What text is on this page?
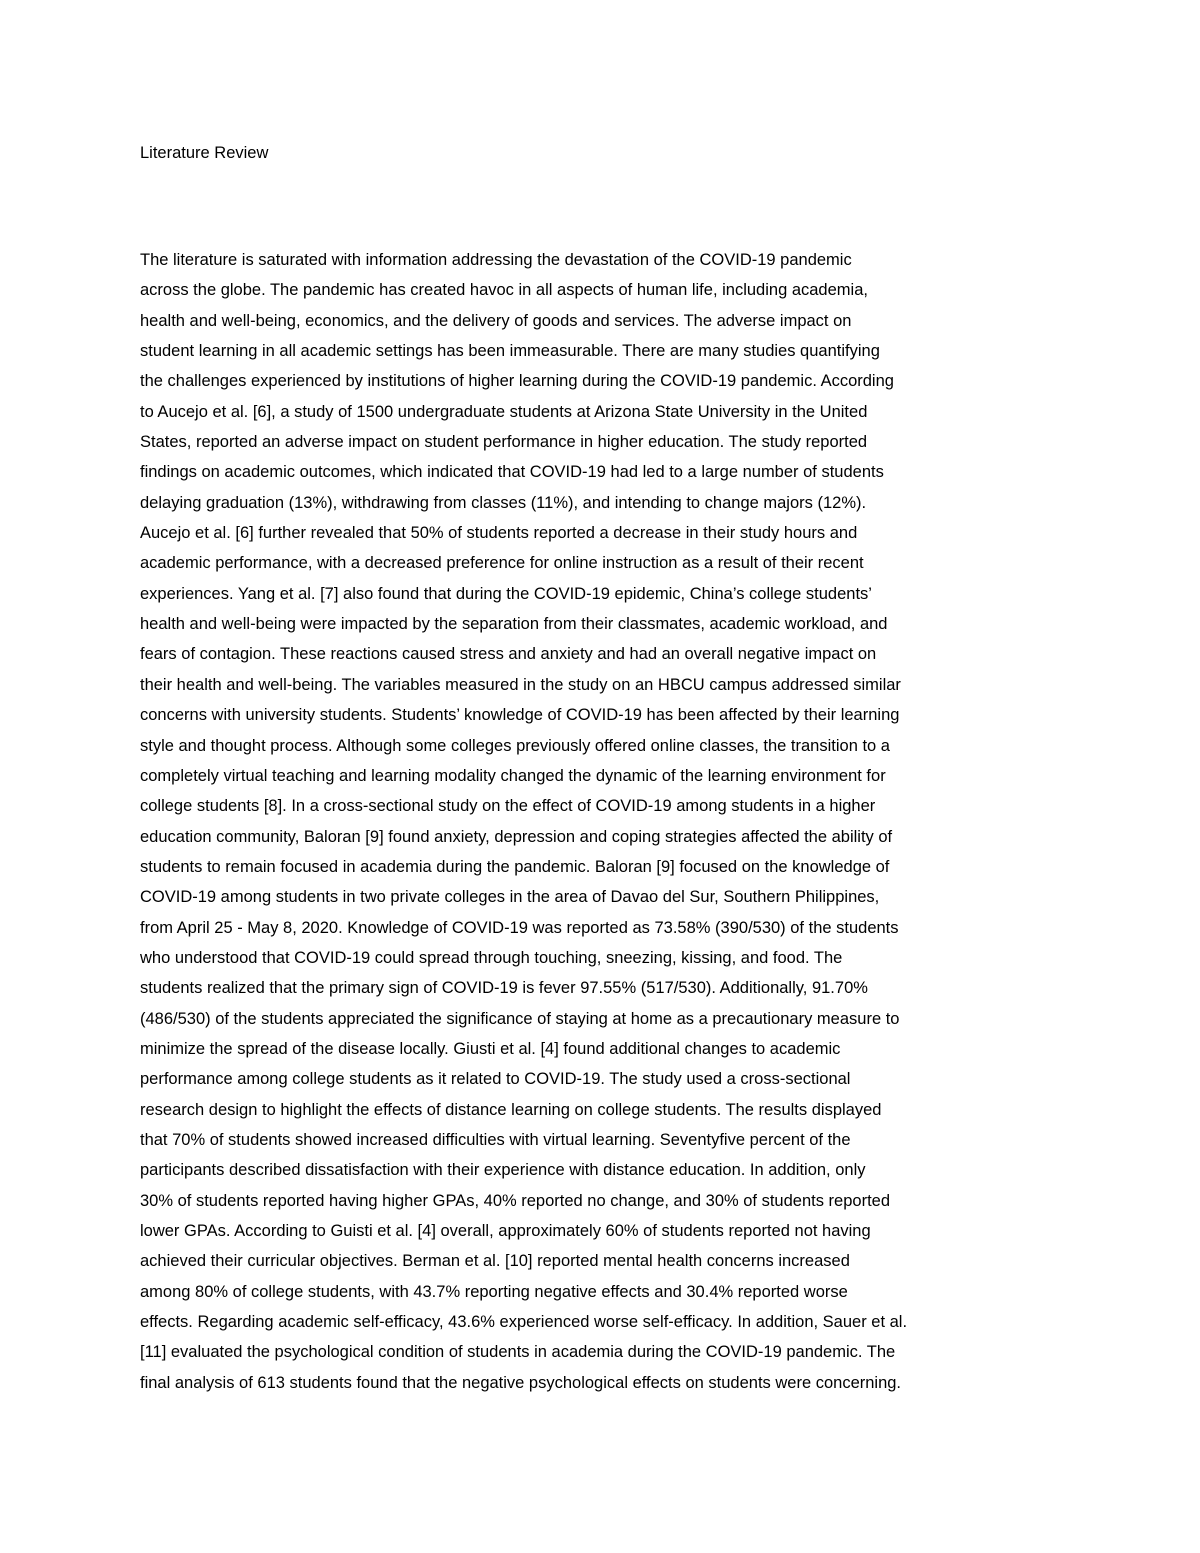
Literature Review
The literature is saturated with information addressing the devastation of the COVID-19 pandemic
across the globe. The pandemic has created havoc in all aspects of human life, including academia,
health and well-being, economics, and the delivery of goods and services. The adverse impact on
student learning in all academic settings has been immeasurable. There are many studies quantifying
the challenges experienced by institutions of higher learning during the COVID-19 pandemic. According
to Aucejo et al. [6], a study of 1500 undergraduate students at Arizona State University in the United
States, reported an adverse impact on student performance in higher education. The study reported
findings on academic outcomes, which indicated that COVID-19 had led to a large number of students
delaying graduation (13%), withdrawing from classes (11%), and intending to change majors (12%).
Aucejo et al. [6] further revealed that 50% of students reported a decrease in their study hours and
academic performance, with a decreased preference for online instruction as a result of their recent
experiences. Yang et al. [7] also found that during the COVID-19 epidemic, China’s college students’
health and well-being were impacted by the separation from their classmates, academic workload, and
fears of contagion. These reactions caused stress and anxiety and had an overall negative impact on
their health and well-being. The variables measured in the study on an HBCU campus addressed similar
concerns with university students. Students’ knowledge of COVID-19 has been affected by their learning
style and thought process. Although some colleges previously offered online classes, the transition to a
completely virtual teaching and learning modality changed the dynamic of the learning environment for
college students [8]. In a cross-sectional study on the effect of COVID-19 among students in a higher
education community, Baloran [9] found anxiety, depression and coping strategies affected the ability of
students to remain focused in academia during the pandemic. Baloran [9] focused on the knowledge of
COVID-19 among students in two private colleges in the area of Davao del Sur, Southern Philippines,
from April 25 - May 8, 2020. Knowledge of COVID-19 was reported as 73.58% (390/530) of the students
who understood that COVID-19 could spread through touching, sneezing, kissing, and food. The
students realized that the primary sign of COVID-19 is fever 97.55% (517/530). Additionally, 91.70%
(486/530) of the students appreciated the significance of staying at home as a precautionary measure to
minimize the spread of the disease locally. Giusti et al. [4] found additional changes to academic
performance among college students as it related to COVID-19. The study used a cross-sectional
research design to highlight the effects of distance learning on college students. The results displayed
that 70% of students showed increased difficulties with virtual learning. Seventyfive percent of the
participants described dissatisfaction with their experience with distance education. In addition, only
30% of students reported having higher GPAs, 40% reported no change, and 30% of students reported
lower GPAs. According to Guisti et al. [4] overall, approximately 60% of students reported not having
achieved their curricular objectives. Berman et al. [10] reported mental health concerns increased
among 80% of college students, with 43.7% reporting negative effects and 30.4% reported worse
effects. Regarding academic self-efficacy, 43.6% experienced worse self-efficacy. In addition, Sauer et al.
[11] evaluated the psychological condition of students in academia during the COVID-19 pandemic. The
final analysis of 613 students found that the negative psychological effects on students were concerning.
